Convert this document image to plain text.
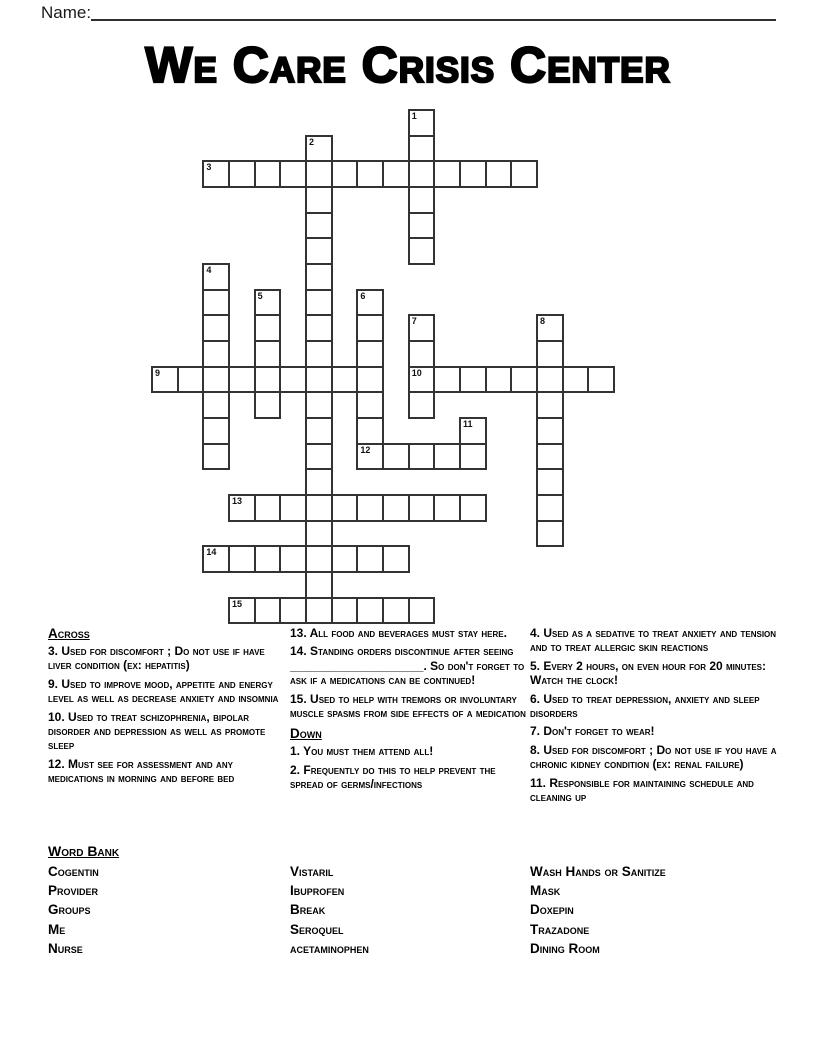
Name:
We Care Crisis Center
1
2
3
4
5	6
12
7
10
8
9
11
13
14
15
Across

3. Used for discomfort ; Do not use if have liver condition (ex: hepatitis)

9. Used to improve mood, appetite and energy level as well as decrease anxiety and insomnia

10. Used to treat schizophrenia, bipolar disorder and depression as well as promote sleep

12. Must see for assessment and any medications in morning and before bed

13. All food and beverages must stay here.

14. Standing orders discontinue after seeing ____________________. So don't forget to ask if a medications can be continued!

15. Used to help with tremors or involuntary muscle spasms from side effects of a medication

Down

1. You must them attend all!

2. Frequently do this to help prevent the spread of germs/infections

4. Used as a sedative to treat anxiety and tension and to treat allergic skin reactions

5. Every 2 hours, on even hour for 20 minutes: Watch the clock!

6. Used to treat depression, anxiety and sleep disorders

7. Don't forget to wear!

8. Used for discomfort ; Do not use if you have a chronic kidney condition (ex: renal failure)

11. Responsible for maintaining schedule and cleaning up

Word Bank
Cogentin
Provider
Groups
Me
Nurse
Vistaril
Ibuprofen
Break
Seroquel
acetaminophen
Wash Hands or Sanitize
Mask
Doxepin
Trazadone
Dining Room
